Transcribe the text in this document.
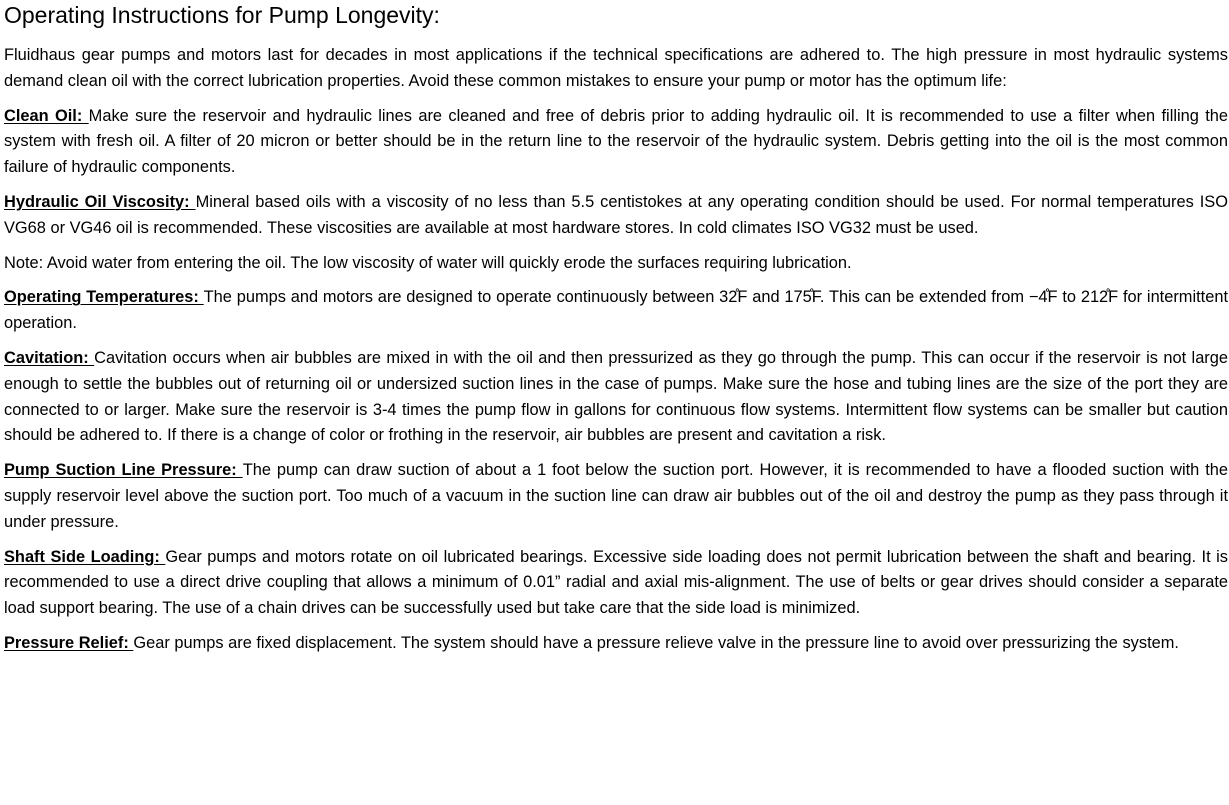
Operating Instructions for Pump Longevity:

Fluidhaus gear pumps and motors last for decades in most applications if the technical specifications are adhered to. The high pressure in most hydraulic systems demand clean oil with the correct lubrication properties. Avoid these common mistakes to ensure your pump or motor has the optimum life:

Clean Oil: Make sure the reservoir and hydraulic lines are cleaned and free of debris prior to adding hydraulic oil. It is recommended to use a filter when filling the system with fresh oil. A filter of 20 micron or better should be in the return line to the reservoir of the hydraulic system. Debris getting into the oil is the most common failure of hydraulic components.

Hydraulic Oil Viscosity: Mineral based oils with a viscosity of no less than 5.5 centistokes at any operating condition should be used. For normal temperatures ISO VG68 or VG46 oil is recommended. These viscosities are available at most hardware stores. In cold climates ISO VG32 must be used.

Note: Avoid water from entering the oil. The low viscosity of water will quickly erode the surfaces requiring lubrication.

Operating Temperatures: The pumps and motors are designed to operate continuously between 32̊F and 175̊F. This can be extended from −4̊F to 212̊F for intermittent operation.

Cavitation: Cavitation occurs when air bubbles are mixed in with the oil and then pressurized as they go through the pump. This can occur if the reservoir is not large enough to settle the bubbles out of returning oil or undersized suction lines in the case of pumps. Make sure the hose and tubing lines are the size of the port they are connected to or larger. Make sure the reservoir is 3-4 times the pump flow in gallons for continuous flow systems. Intermittent flow systems can be smaller but caution should be adhered to. If there is a change of color or frothing in the reservoir, air bubbles are present and cavitation a risk.

Pump Suction Line Pressure: The pump can draw suction of about a 1 foot below the suction port. However, it is recommended to have a flooded suction with the supply reservoir level above the suction port. Too much of a vacuum in the suction line can draw air bubbles out of the oil and destroy the pump as they pass through it under pressure.

Shaft Side Loading: Gear pumps and motors rotate on oil lubricated bearings. Excessive side loading does not permit lubrication between the shaft and bearing. It is recommended to use a direct drive coupling that allows a minimum of 0.01” radial and axial mis-alignment. The use of belts or gear drives should consider a separate load support bearing. The use of a chain drives can be successfully used but take care that the side load is minimized.

Pressure Relief: Gear pumps are fixed displacement. The system should have a pressure relieve valve in the pressure line to avoid over pressurizing the system.
